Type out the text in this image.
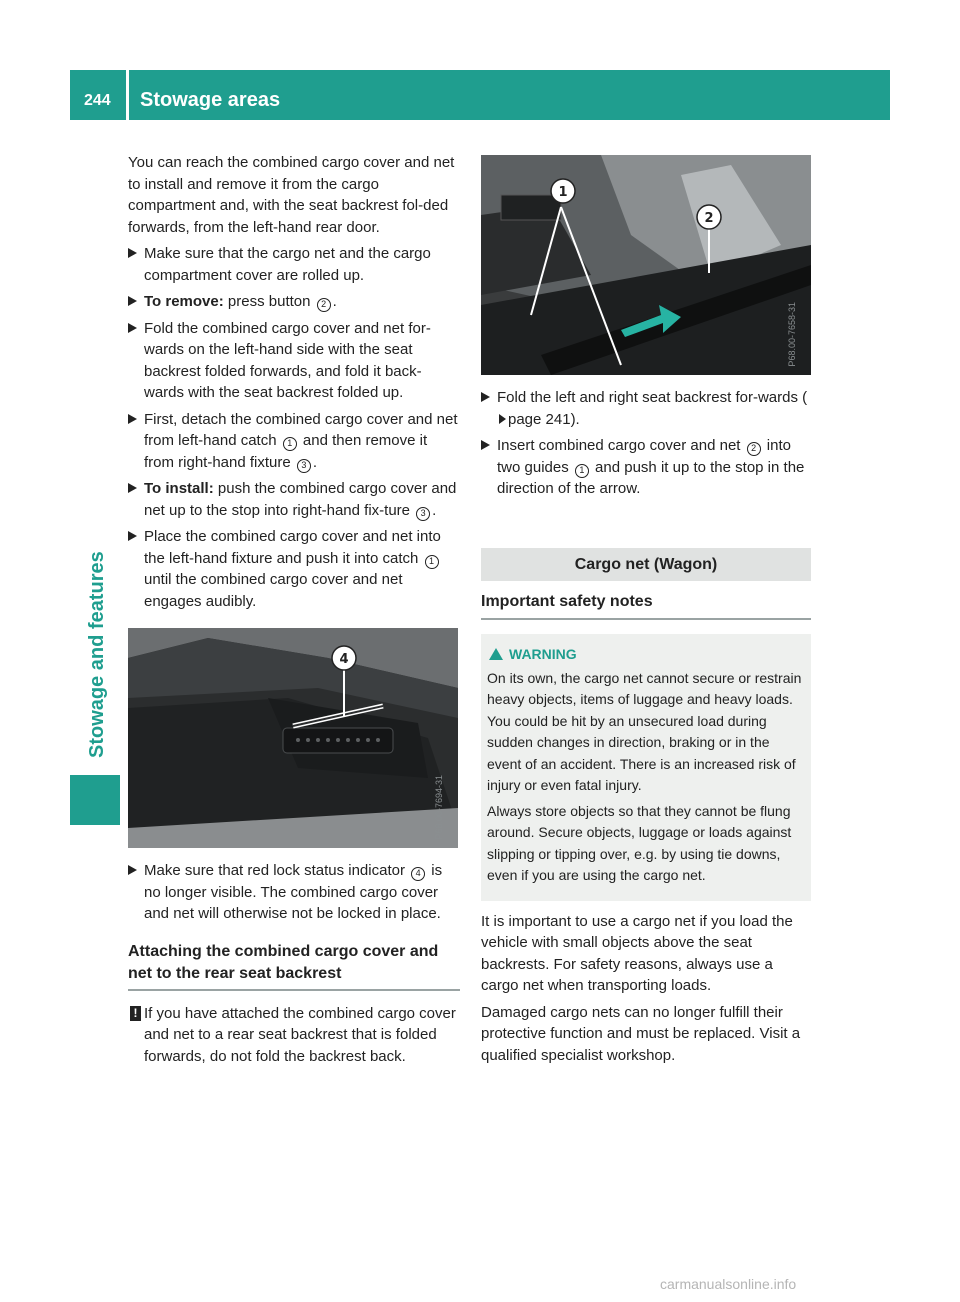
244 Stowage areas
Stowage and features

You can reach the combined cargo cover and net to install and remove it from the cargo compartment and, with the seat backrest fol-ded forwards, from the left-hand rear door.

Make sure that the cargo net and the cargo compartment cover are rolled up.
To remove: press button 2 .
Fold the combined cargo cover and net for-wards on the left-hand side with the seat backrest folded forwards, and fold it back-wards with the seat backrest folded up.
First, detach the combined cargo cover and net from left-hand catch 1 and then remove it from right-hand fixture 3 .
To install: push the combined cargo cover and net up to the stop into right-hand fix-ture 3 .
Place the combined cargo cover and net into the left-hand fixture and push it into catch 1 until the combined cargo cover and net engages audibly.
4
P68.00-7694-31
Make sure that red lock status indicator 4 is no longer visible. The combined cargo cover and net will otherwise not be locked in place.
Attaching the combined cargo cover and net to the rear seat backrest
! If you have attached the combined cargo cover and net to a rear seat backrest that is folded forwards, do not fold the backrest back.
1
2
P68.00-7658-31
Fold the left and right seat backrest for-wards (page 241).
Insert combined cargo cover and net 2 into two guides 1 and push it up to the stop in the direction of the arrow.
Cargo net (Wagon)
Important safety notes
WARNING

On its own, the cargo net cannot secure or restrain heavy objects, items of luggage and heavy loads. You could be hit by an unsecured load during sudden changes in direction, braking or in the event of an accident. There is an increased risk of injury or even fatal injury.

Always store objects so that they cannot be flung around. Secure objects, luggage or loads against slipping or tipping over, e.g. by using tie downs, even if you are using the cargo net.

It is important to use a cargo net if you load the vehicle with small objects above the seat backrests. For safety reasons, always use a cargo net when transporting loads.

Damaged cargo nets can no longer fulfill their protective function and must be replaced. Visit a qualified specialist workshop.

carmanualsonline.info
